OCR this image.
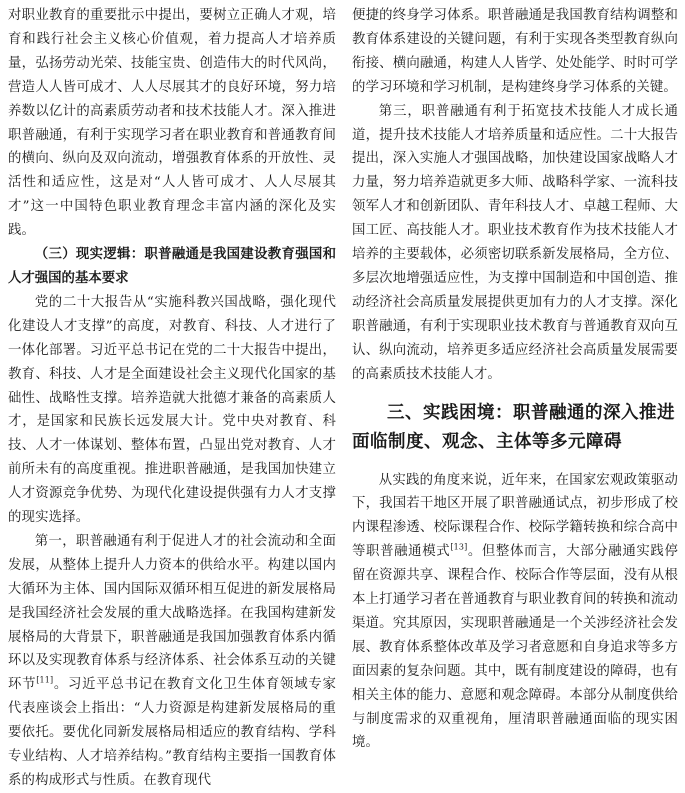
对职业教育的重要批示中提出，要树立正确人才观，培育和践行社会主义核心价值观，着力提高人才培养质量，弘扬劳动光荣、技能宝贵、创造伟大的时代风尚，营造人人皆可成才、人人尽展其才的良好环境，努力培养数以亿计的高素质劳动者和技术技能人才。深入推进职普融通，有利于实现学习者在职业教育和普通教育间的横向、纵向及双向流动，增强教育体系的开放性、灵活性和适应性，这是对“人人皆可成才、人人尽展其才”这一中国特色职业教育理念丰富内涵的深化及实践。

（三）现实逻辑：职普融通是我国建设教育强国和人才强国的基本要求

党的二十大报告从“实施科教兴国战略，强化现代化建设人才支撑”的高度，对教育、科技、人才进行了一体化部署。习近平总书记在党的二十大报告中提出，教育、科技、人才是全面建设社会主义现代化国家的基础性、战略性支撑。培养造就大批德才兼备的高素质人才，是国家和民族长远发展大计。党中央对教育、科技、人才一体谋划、整体布置，凸显出党对教育、人才前所未有的高度重视。推进职普融通，是我国加快建立人才资源竞争优势、为现代化建设提供强有力人才支撑的现实选择。

第一，职普融通有利于促进人才的社会流动和全面发展，从整体上提升人力资本的供给水平。构建以国内大循环为主体、国内国际双循环相互促进的新发展格局是我国经济社会发展的重大战略选择。在我国构建新发展格局的大背景下，职普融通是我国加强教育体系内循环以及实现教育体系与经济体系、社会体系互动的关键环节[11]。习近平总书记在教育文化卫生体育领域专家代表座谈会上指出：“人力资源是构建新发展格局的重要依托。要优化同新发展格局相适应的教育结构、学科专业结构、人才培养结构。”教育结构主要指一国教育体系的构成形式与性质。在教育现代

便捷的终身学习体系。职普融通是我国教育结构调整和教育体系建设的关键问题，有利于实现各类型教育纵向衔接、横向融通，构建人人皆学、处处能学、时时可学的学习环境和学习机制，是构建终身学习体系的关键。

第三，职普融通有利于拓宽技术技能人才成长通道，提升技术技能人才培养质量和适应性。二十大报告提出，深入实施人才强国战略，加快建设国家战略人才力量，努力培养造就更多大师、战略科学家、一流科技领军人才和创新团队、青年科技人才、卓越工程师、大国工匠、高技能人才。职业技术教育作为技术技能人才培养的主要载体，必须密切联系新发展格局，全方位、多层次地增强适应性，为支撑中国制造和中国创造、推动经济社会高质量发展提供更加有力的人才支撑。深化职普融通，有利于实现职业技术教育与普通教育双向互认、纵向流动，培养更多适应经济社会高质量发展需要的高素质技术技能人才。

三、实践困境：职普融通的深入推进面临制度、观念、主体等多元障碍

从实践的角度来说，近年来，在国家宏观政策驱动下，我国若干地区开展了职普融通试点，初步形成了校内课程渗透、校际课程合作、校际学籍转换和综合高中等职普融通模式[13]。但整体而言，大部分融通实践停留在资源共享、课程合作、校际合作等层面，没有从根本上打通学习者在普通教育与职业教育间的转换和流动渠道。究其原因，实现职普融通是一个关涉经济社会发展、教育体系整体改革及学习者意愿和自身追求等多方面因素的复杂问题。其中，既有制度建设的障碍，也有相关主体的能力、意愿和观念障碍。本部分从制度供给与制度需求的双重视角，厘清职普融通面临的现实困境。
